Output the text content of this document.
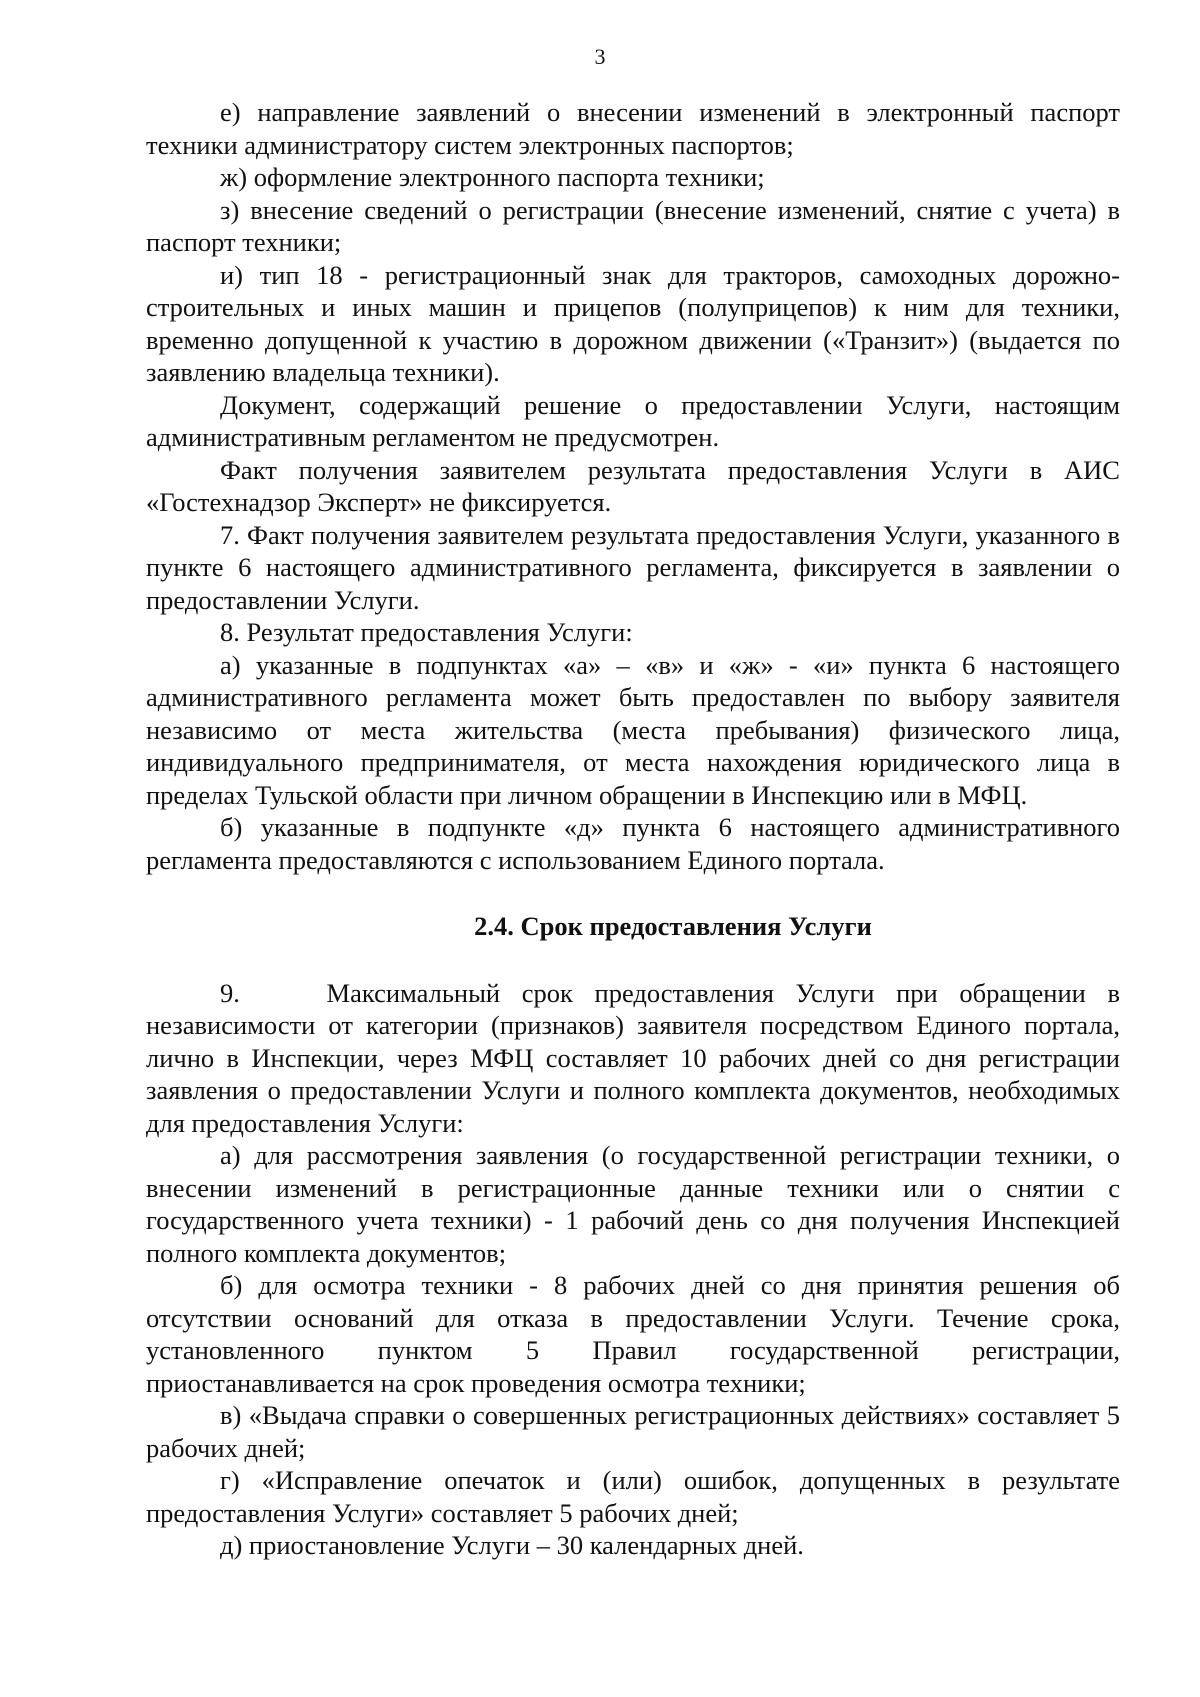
3

е) направление заявлений о внесении изменений в электронный паспорт техники администратору систем электронных паспортов;

ж) оформление электронного паспорта техники;

з) внесение сведений о регистрации (внесение изменений, снятие с учета) в паспорт техники;

и) тип 18 - регистрационный знак для тракторов, самоходных дорожно-строительных и иных машин и прицепов (полуприцепов) к ним для техники, временно допущенной к участию в дорожном движении («Транзит») (выдается по заявлению владельца техники).

Документ, содержащий решение о предоставлении Услуги, настоящим административным регламентом не предусмотрен.

Факт получения заявителем результата предоставления Услуги в АИС «Гостехнадзор Эксперт» не фиксируется.

7. Факт получения заявителем результата предоставления Услуги, указанного в пункте 6 настоящего административного регламента, фиксируется в заявлении о предоставлении Услуги.

8. Результат предоставления Услуги:

а) указанные в подпунктах «а» – «в» и «ж» - «и» пункта 6 настоящего административного регламента может быть предоставлен по выбору заявителя независимо от места жительства (места пребывания) физического лица, индивидуального предпринимателя, от места нахождения юридического лица в пределах Тульской области при личном обращении в Инспекцию или в МФЦ.

б) указанные в подпункте «д» пункта 6 настоящего административного регламента предоставляются с использованием Единого портала.

2.4. Срок предоставления Услуги

9.    Максимальный срок предоставления Услуги при обращении в независимости от категории (признаков) заявителя посредством Единого портала, лично в Инспекции, через МФЦ составляет 10 рабочих дней со дня регистрации заявления о предоставлении Услуги и полного комплекта документов, необходимых для предоставления Услуги:

а) для рассмотрения заявления (о государственной регистрации техники, о внесении изменений в регистрационные данные техники или о снятии с государственного учета техники) - 1 рабочий день со дня получения Инспекцией полного комплекта документов;

б) для осмотра техники - 8 рабочих дней со дня принятия решения об отсутствии оснований для отказа в предоставлении Услуги. Течение срока, установленного пунктом 5 Правил государственной регистрации, приостанавливается на срок проведения осмотра техники;

в) «Выдача справки о совершенных регистрационных действиях» составляет 5 рабочих дней;

г) «Исправление опечаток и (или) ошибок, допущенных в результате предоставления Услуги» составляет 5 рабочих дней;

д) приостановление Услуги – 30 календарных дней.
